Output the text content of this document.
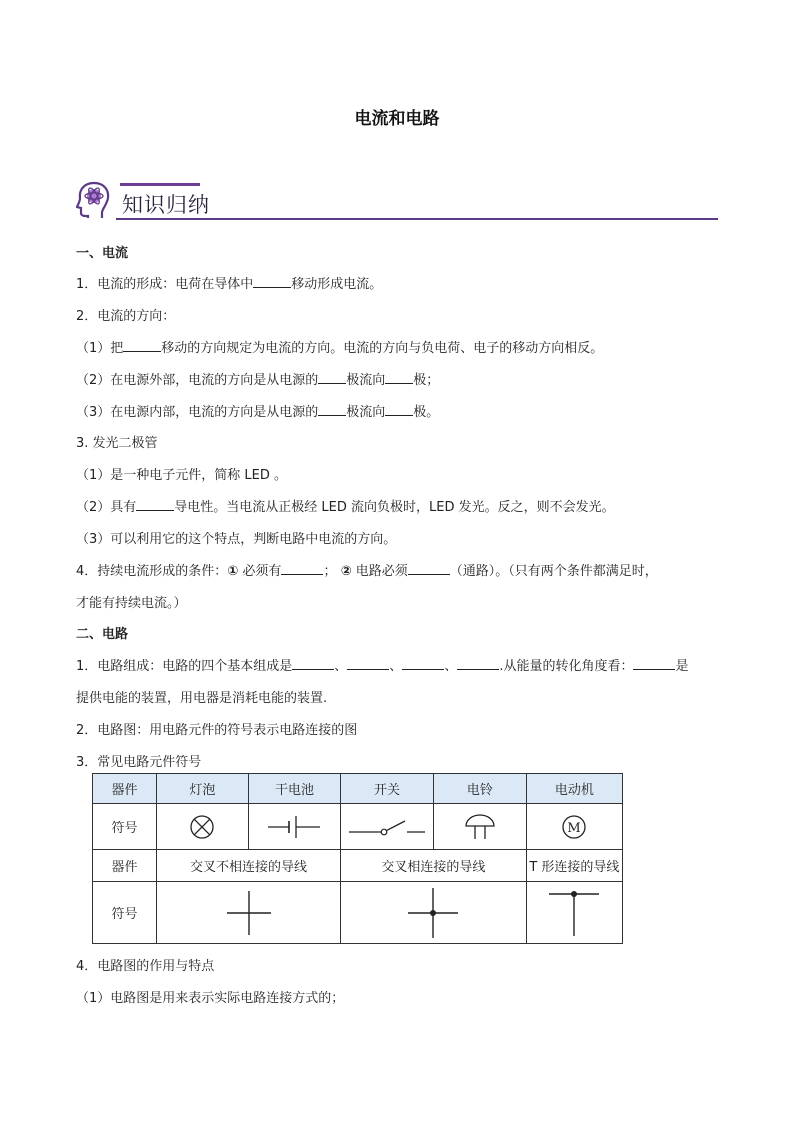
电流和电路
知识归纳
一、电流
1．电流的形成：电荷在导体中	移动形成电流。
2．电流的方向：
（1）把	移动的方向规定为电流的方向。电流的方向与负电荷、电子的移动方向相反。
（2）在电源外部，电流的方向是从电源的 极流向 极；
（3）在电源内部，电流的方向是从电源的 极流向 极。
3. 发光二极管
（1）是一种电子元件，简称 LED 。
（2）具有	导电性。当电流从正极经 LED 流向负极时，LED 发光。反之，则不会发光。
（3）可以利用它的这个特点，判断电路中电流的方向。
4．持续电流形成的条件：① 必须有	； ② 电路必须	（通路）。（只有两个条件都满足时，
才能有持续电流。）
二、电路
1．电路组成：电路的四个基本组成是	、	、	、	.从能量的转化角度看：	是
提供电能的装置，用电器是消耗电能的装置.
2．电路图：用电路元件的符号表示电路连接的图
3．常见电路元件符号
器件	灯泡	干电池	开关	电铃	电动机
符号					M

器件	交叉不相连接的导线		交叉相连接的导线		T 形连接的导线
符号	

4．电路图的作用与特点
（1）电路图是用来表示实际电路连接方式的；
